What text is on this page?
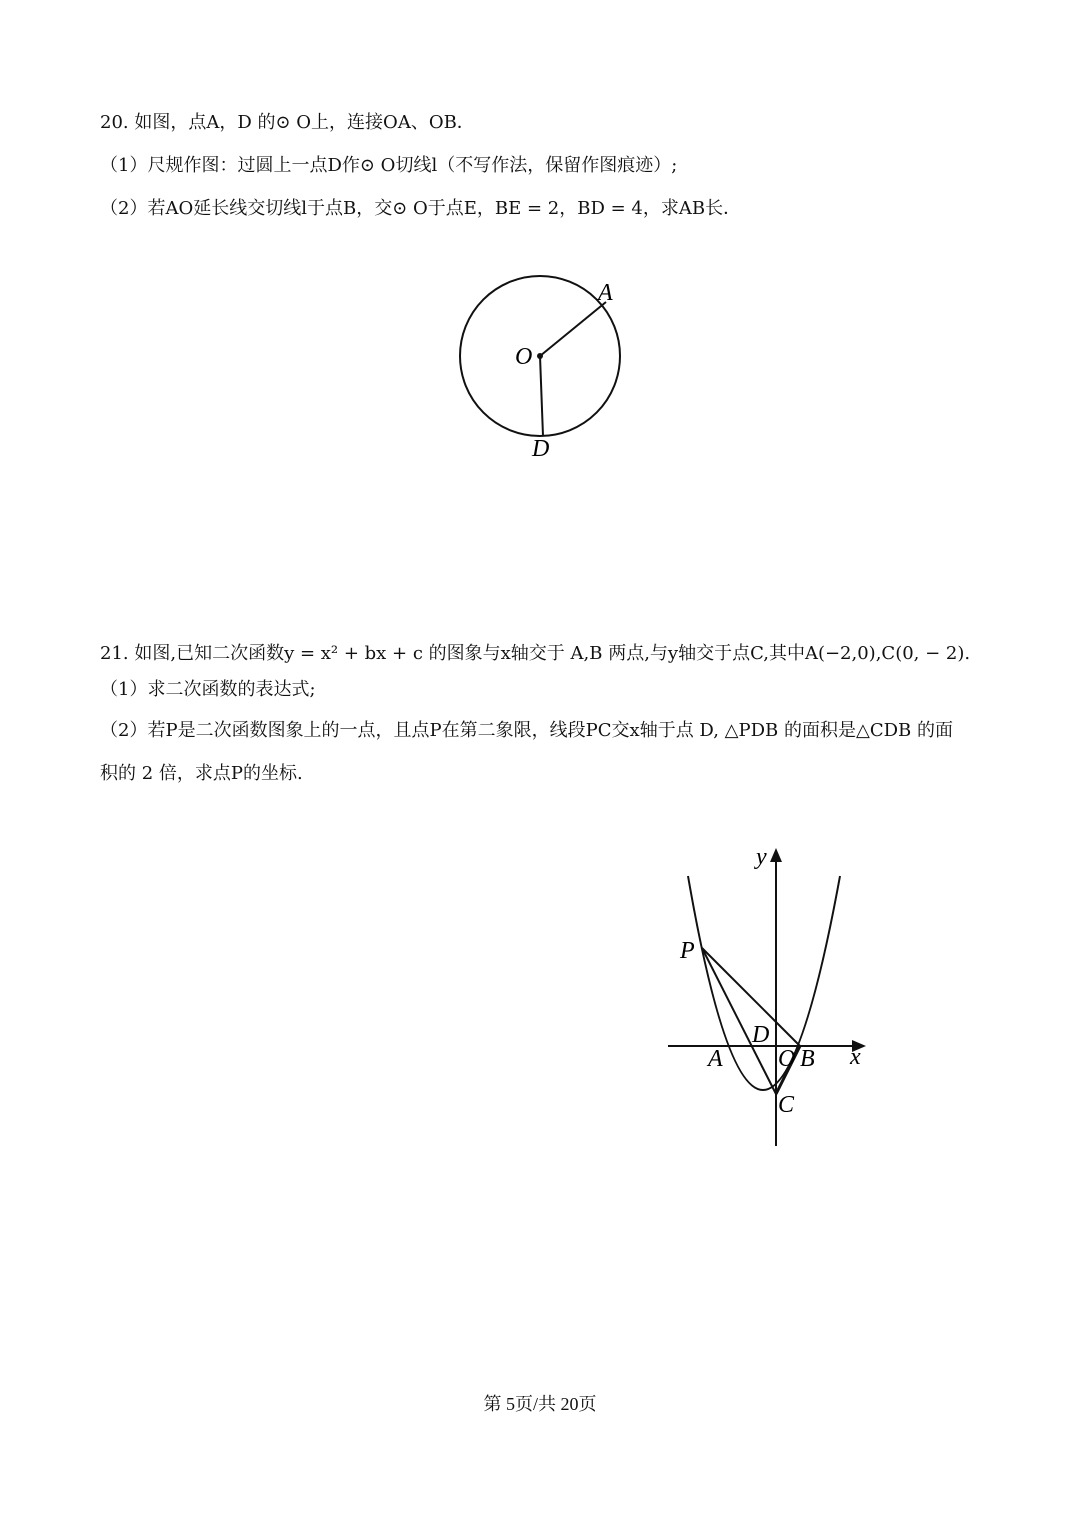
20. 如图，点A，D 的⊙ O上，连接OA、OB．
（1）尺规作图：过圆上一点D作⊙ O切线l（不写作法，保留作图痕迹）;
（2）若AO延长线交切线l于点B，交⊙ O于点E，BE = 2，BD = 4，求AB长．
A
O
D
21. 如图,已知二次函数y = x² + bx + c 的图象与x轴交于 A,B 两点,与y轴交于点C,其中A(−2,0),C(0, − 2).
（1）求二次函数的表达式;
（2）若P是二次函数图象上的一点，且点P在第二象限，线段PC交x轴于点 D, △PDB 的面积是△CDB 的面
积的 2 倍，求点P的坐标.
y
x
P
D
A O B
C
第 5页/共 20页
